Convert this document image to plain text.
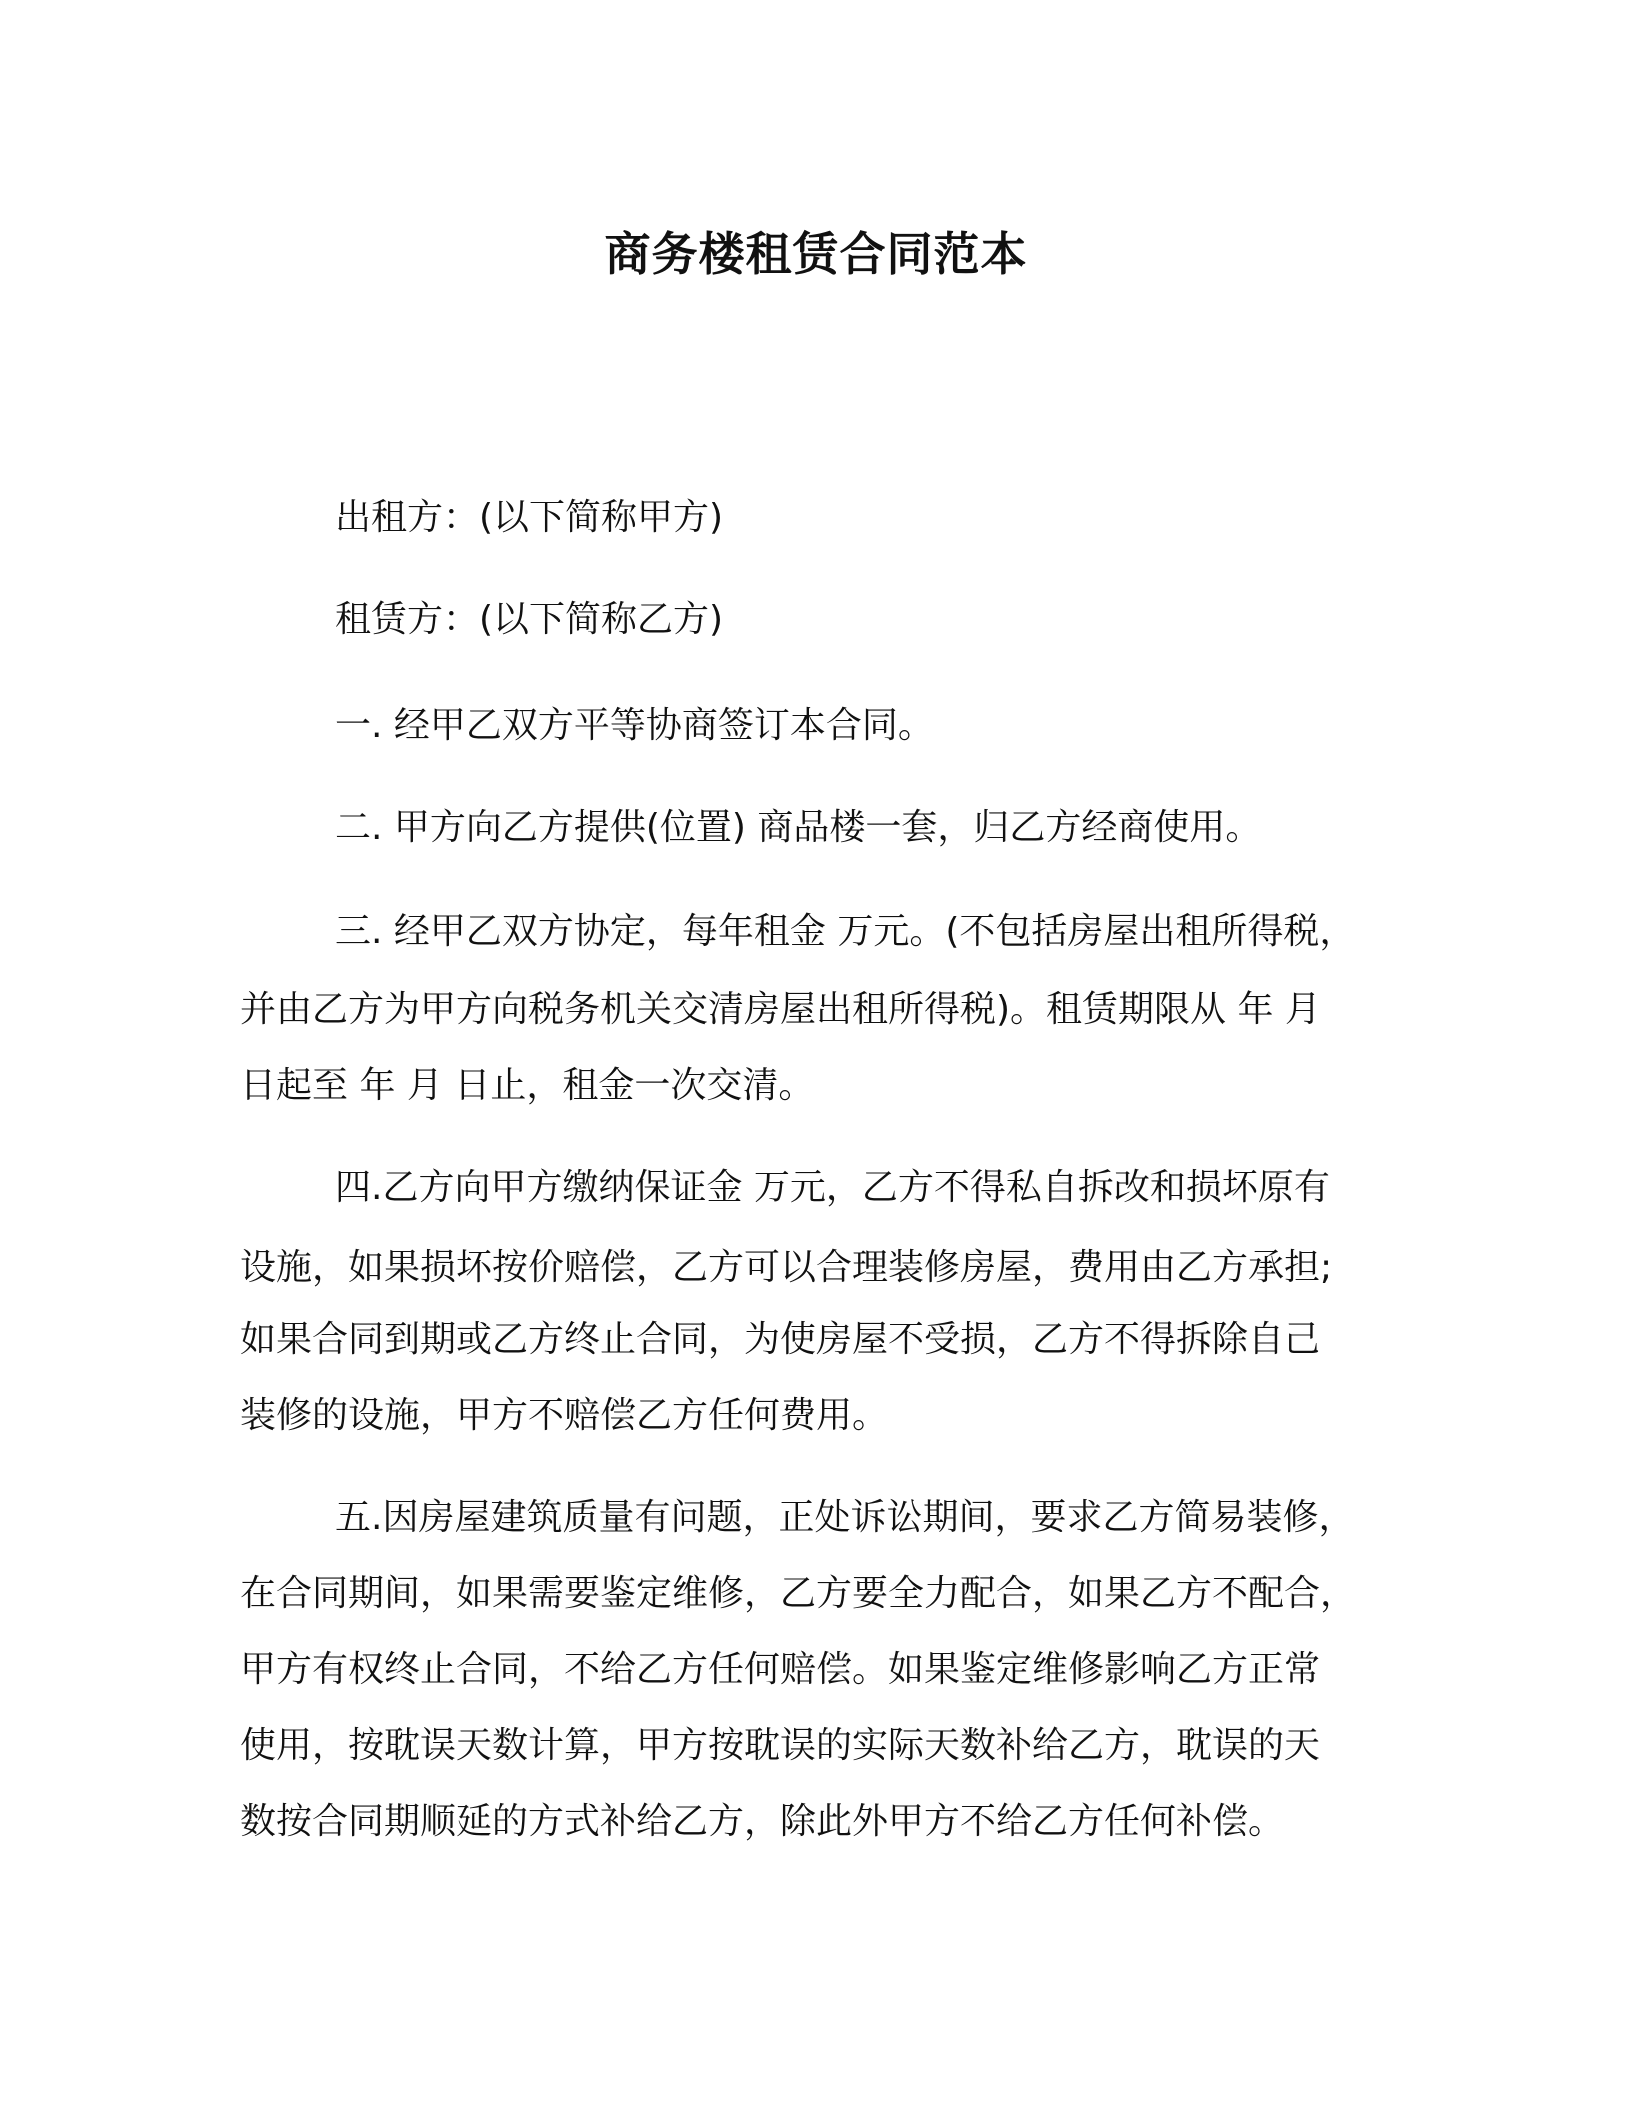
商务楼租赁合同范本
出租方：(以下简称甲方)
租赁方：(以下简称乙方)
一. 经甲乙双方平等协商签订本合同。
二. 甲方向乙方提供(位置) 商品楼一套，归乙方经商使用。
三. 经甲乙双方协定，每年租金 万元。(不包括房屋出租所得税，
并由乙方为甲方向税务机关交清房屋出租所得税)。租赁期限从 年 月
日起至 年 月 日止，租金一次交清。
四.乙方向甲方缴纳保证金 万元，乙方不得私自拆改和损坏原有
设施，如果损坏按价赔偿，乙方可以合理装修房屋，费用由乙方承担;
如果合同到期或乙方终止合同，为使房屋不受损，乙方不得拆除自己
装修的设施，甲方不赔偿乙方任何费用。
五.因房屋建筑质量有问题，正处诉讼期间，要求乙方简易装修，
在合同期间，如果需要鉴定维修，乙方要全力配合，如果乙方不配合，
甲方有权终止合同，不给乙方任何赔偿。如果鉴定维修影响乙方正常
使用，按耽误天数计算，甲方按耽误的实际天数补给乙方，耽误的天
数按合同期顺延的方式补给乙方，除此外甲方不给乙方任何补偿。
